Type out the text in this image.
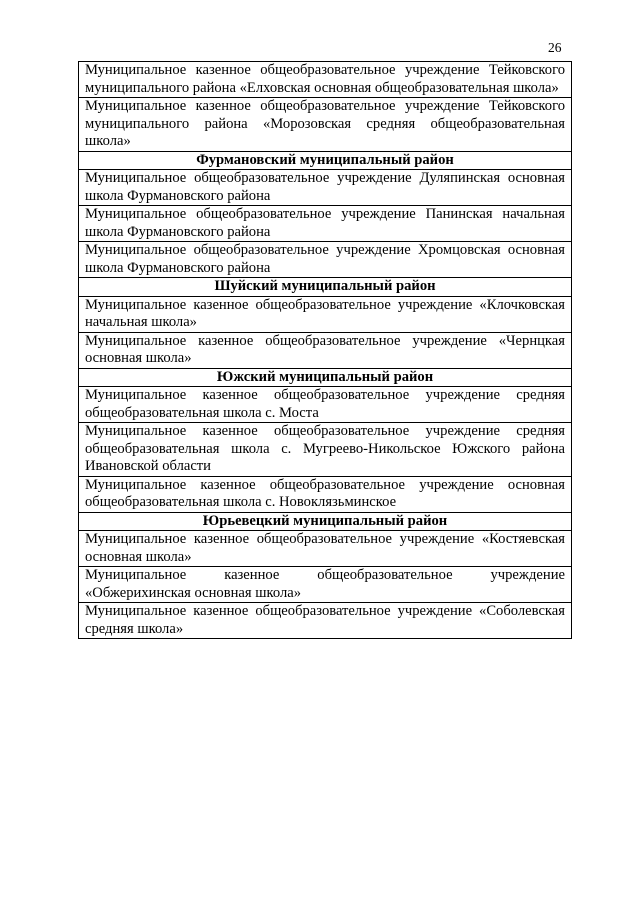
26
Муниципальное казенное общеобразовательное учреждение Тейковского муниципального района «Елховская основная общеобразовательная школа»
Муниципальное казенное общеобразовательное учреждение Тейковского муниципального района «Морозовская средняя общеобразовательная школа»
Фурмановский муниципальный район
Муниципальное общеобразовательное учреждение Дуляпинская основная школа Фурмановского района
Муниципальное общеобразовательное учреждение Панинская начальная школа Фурмановского района
Муниципальное общеобразовательное учреждение Хромцовская основная школа Фурмановского района
Шуйский муниципальный район
Муниципальное казенное общеобразовательное учреждение «Клочковская начальная школа»
Муниципальное казенное общеобразовательное учреждение «Чернцкая основная школа»
Южский муниципальный район
Муниципальное казенное общеобразовательное учреждение средняя общеобразовательная школа с. Моста
Муниципальное казенное общеобразовательное учреждение средняя общеобразовательная школа с. Мугреево-Никольское Южского района Ивановской области
Муниципальное казенное общеобразовательное учреждение основная общеобразовательная школа с. Новоклязьминское
Юрьевецкий муниципальный район
Муниципальное казенное общеобразовательное учреждение «Костяевская основная школа»
Муниципальное казенное общеобразовательное учреждение «Обжерихинская основная школа»
Муниципальное казенное общеобразовательное учреждение «Соболевская средняя школа»
